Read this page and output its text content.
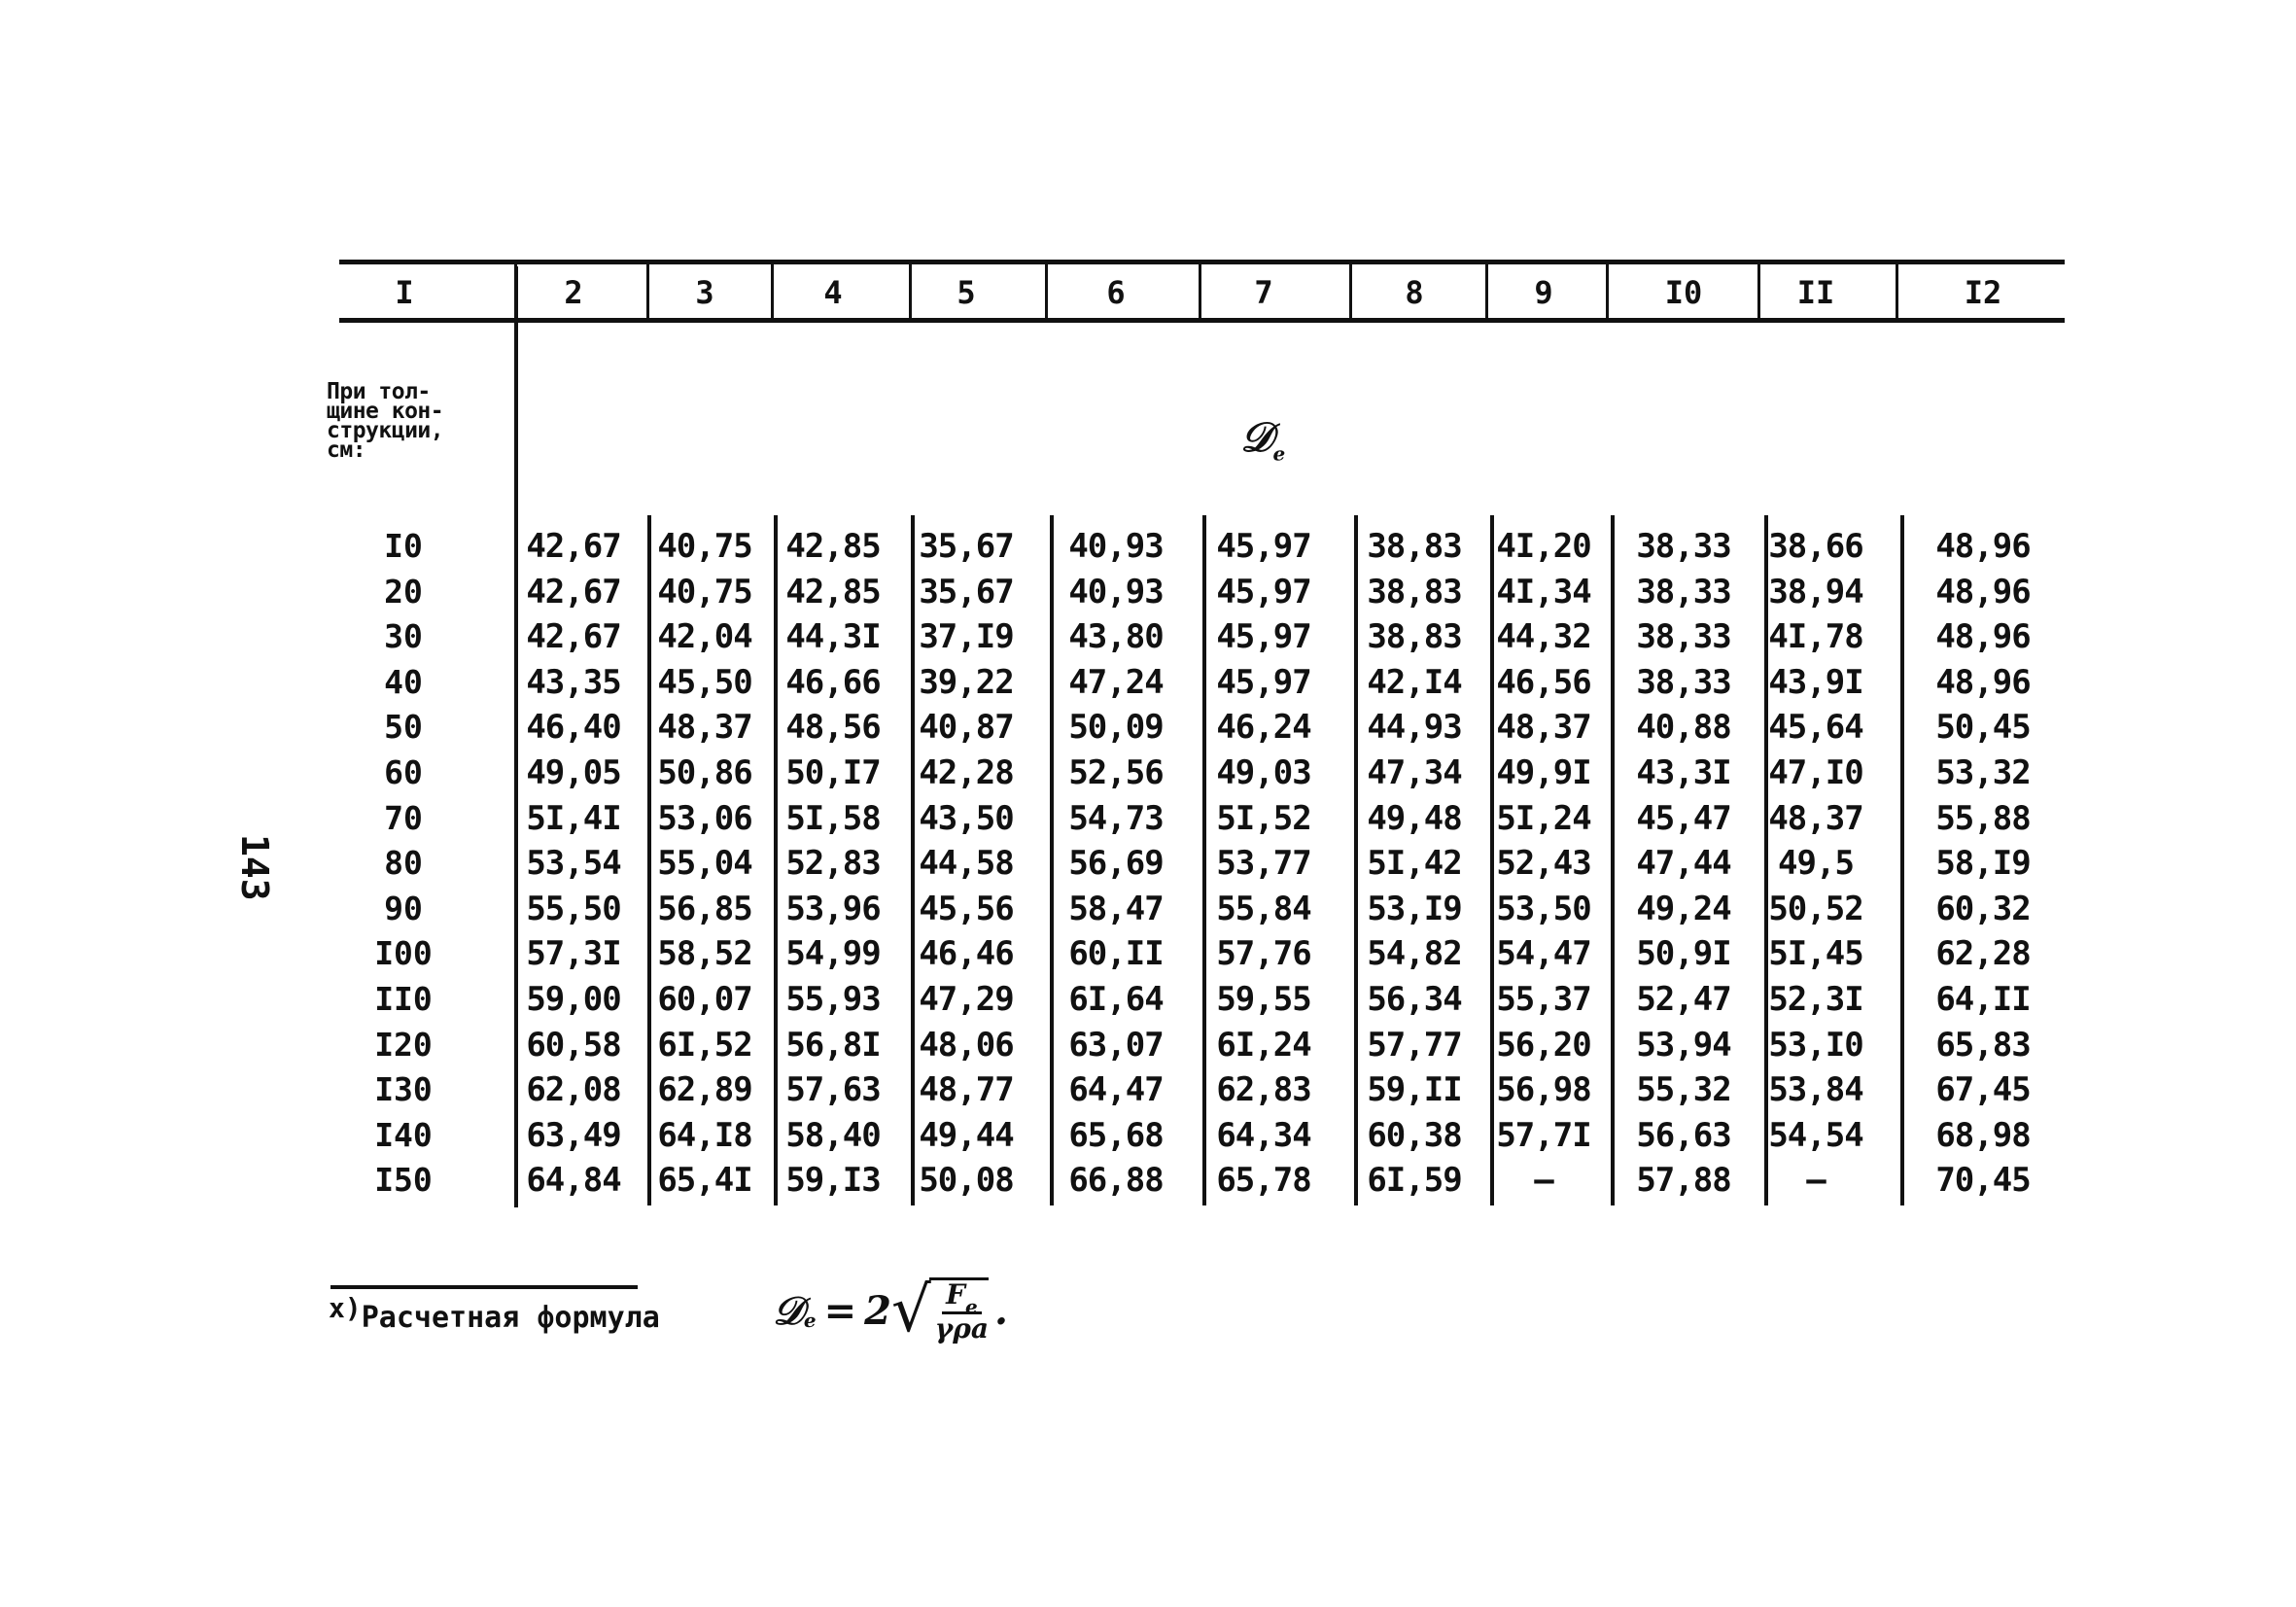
143
I	2	3	4	5	6	7	8	9	I0	II	I2
При тол-
щине кон-
струкции,
см:	𝒟$_e$
I0	42,67	40,75	42,85	35,67	40,93	45,97	38,83	4I,20	38,33	38,66	48,96
20	42,67	40,75	42,85	35,67	40,93	45,97	38,83	4I,34	38,33	38,94	48,96
30	42,67	42,04	44,3I	37,I9	43,80	45,97	38,83	44,32	38,33	4I,78	48,96
40	43,35	45,50	46,66	39,22	47,24	45,97	42,I4	46,56	38,33	43,9I	48,96
50	46,40	48,37	48,56	40,87	50,09	46,24	44,93	48,37	40,88	45,64	50,45
60	49,05	50,86	50,I7	42,28	52,56	49,03	47,34	49,9I	43,3I	47,I0	53,32
70	5I,4I	53,06	5I,58	43,50	54,73	5I,52	49,48	5I,24	45,47	48,37	55,88
80	53,54	55,04	52,83	44,58	56,69	53,77	5I,42	52,43	47,44	49,5	58,I9
90	55,50	56,85	53,96	45,56	58,47	55,84	53,I9	53,50	49,24	50,52	60,32
I00	57,3I	58,52	54,99	46,46	60,II	57,76	54,82	54,47	50,9I	5I,45	62,28
II0	59,00	60,07	55,93	47,29	6I,64	59,55	56,34	55,37	52,47	52,3I	64,II
I20	60,58	6I,52	56,8I	48,06	63,07	6I,24	57,77	56,20	53,94	53,I0	65,83
I30	62,08	62,89	57,63	48,77	64,47	62,83	59,II	56,98	55,32	53,84	67,45
I40	63,49	64,I8	58,40	49,44	65,68	64,34	60,38	57,7I	56,63	54,54	68,98
I50	64,84	65,4I	59,I3	50,08	66,88	65,78	6I,59	–	57,88	–	70,45
x)Расчетная формула	𝒟 e = 2 √ $\frac{F_e}{\text{γρa}}$ .
